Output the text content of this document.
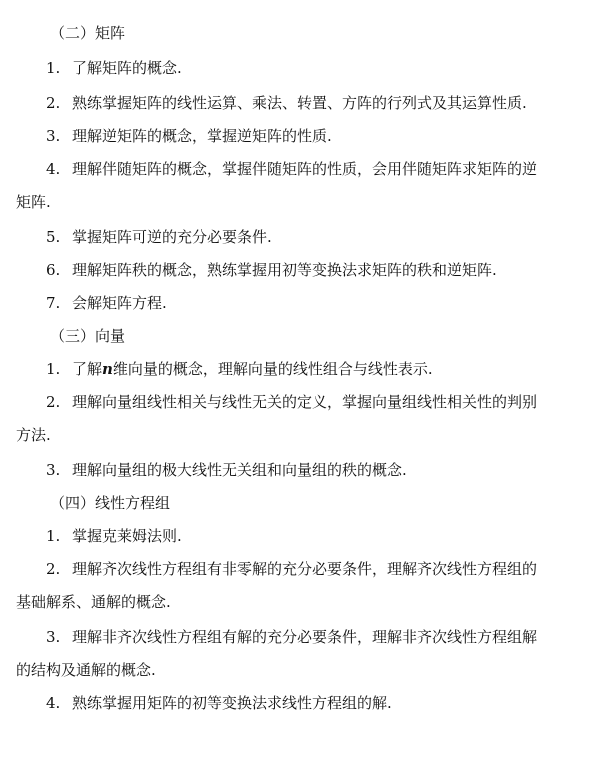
（二）矩阵
1. 了解矩阵的概念.
2. 熟练掌握矩阵的线性运算、乘法、转置、方阵的行列式及其运算性质.
3. 理解逆矩阵的概念，掌握逆矩阵的性质.
4. 理解伴随矩阵的概念，掌握伴随矩阵的性质，会用伴随矩阵求矩阵的逆
矩阵.
5. 掌握矩阵可逆的充分必要条件.
6. 理解矩阵秩的概念，熟练掌握用初等变换法求矩阵的秩和逆矩阵.
7. 会解矩阵方程.
（三）向量
1. 了解n维向量的概念，理解向量的线性组合与线性表示.
2. 理解向量组线性相关与线性无关的定义，掌握向量组线性相关性的判别
方法.
3. 理解向量组的极大线性无关组和向量组的秩的概念.
（四）线性方程组
1. 掌握克莱姆法则.
2. 理解齐次线性方程组有非零解的充分必要条件，理解齐次线性方程组的
基础解系、通解的概念.
3. 理解非齐次线性方程组有解的充分必要条件，理解非齐次线性方程组解
的结构及通解的概念.
4. 熟练掌握用矩阵的初等变换法求线性方程组的解.
